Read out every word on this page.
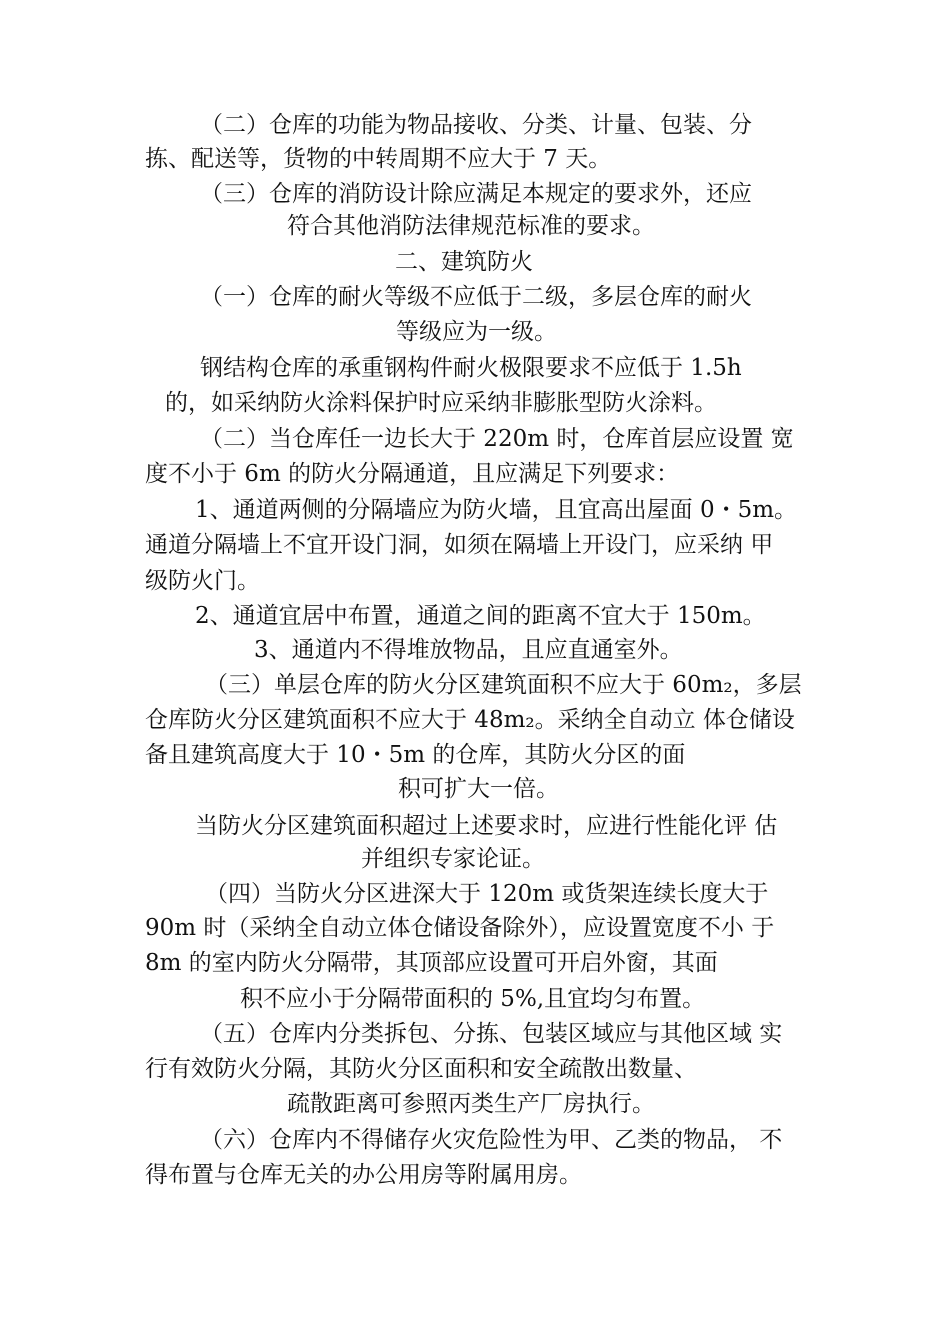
（二）仓库的功能为物品接收、分类、计量、包装、分
拣、配送等，货物的中转周期不应大于 7 天。
（三）仓库的消防设计除应满足本规定的要求外，还应
符合其他消防法律规范标准的要求。
二、建筑防火
（一）仓库的耐火等级不应低于二级，多层仓库的耐火
等级应为一级。
钢结构仓库的承重钢构件耐火极限要求不应低于 1.5h
的，如采纳防火涂料保护时应采纳非膨胀型防火涂料。
（二）当仓库任一边长大于 220m 时，仓库首层应设置 宽
度不小于 6m 的防火分隔通道，且应满足下列要求：
1、通道两侧的分隔墙应为防火墙，且宜高出屋面 0・5m。
通道分隔墙上不宜开设门洞，如须在隔墙上开设门，应采纳 甲
级防火门。
2、通道宜居中布置，通道之间的距离不宜大于 150m。
3、通道内不得堆放物品，且应直通室外。
（三）单层仓库的防火分区建筑面积不应大于 60m₂，多层
仓库防火分区建筑面积不应大于 48m₂。采纳全自动立 体仓储设
备且建筑高度大于 10・5m 的仓库，其防火分区的面
积可扩大一倍。
当防火分区建筑面积超过上述要求时，应进行性能化评 估
并组织专家论证。
（四）当防火分区进深大于 120m 或货架连续长度大于
90m 时（采纳全自动立体仓储设备除外），应设置宽度不小 于
8m 的室内防火分隔带，其顶部应设置可开启外窗，其面
积不应小于分隔带面积的 5%,且宜均匀布置。
（五）仓库内分类拆包、分拣、包装区域应与其他区域 实
行有效防火分隔，其防火分区面积和安全疏散出数量、
疏散距离可参照丙类生产厂房执行。
（六）仓库内不得储存火灾危险性为甲、乙类的物品， 不
得布置与仓库无关的办公用房等附属用房。
